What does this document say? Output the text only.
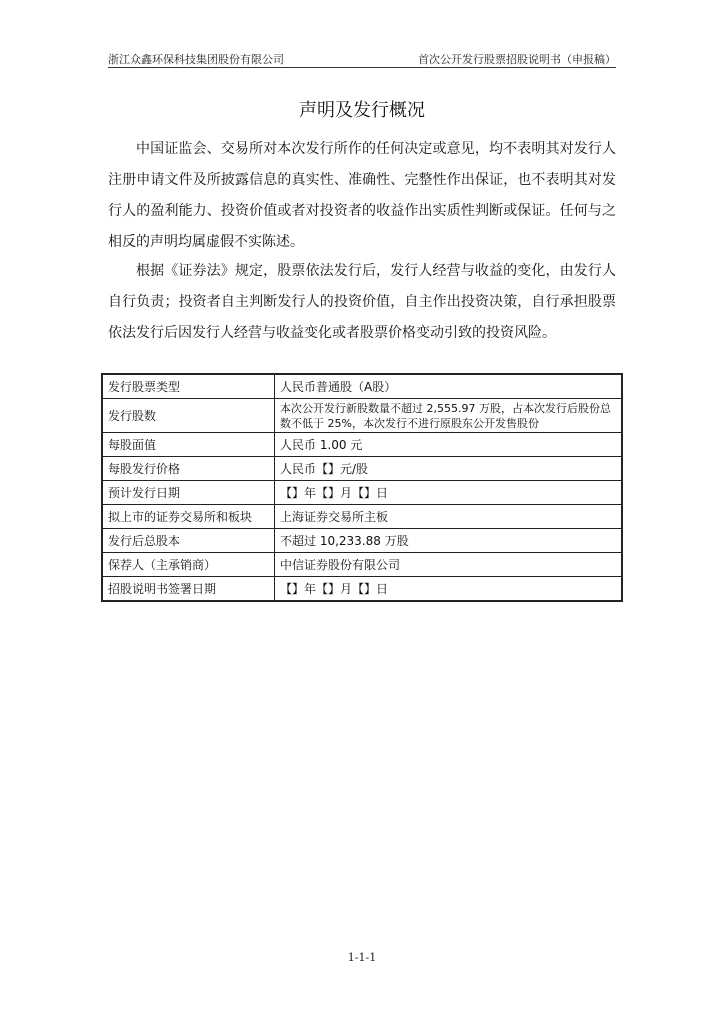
浙江众鑫环保科技集团股份有限公司	首次公开发行股票招股说明书（申报稿）
声明及发行概况

中国证监会、交易所对本次发行所作的任何决定或意见，均不表明其对发行人注册申请文件及所披露信息的真实性、准确性、完整性作出保证，也不表明其对发行人的盈利能力、投资价值或者对投资者的收益作出实质性判断或保证。任何与之相反的声明均属虚假不实陈述。

根据《证券法》规定，股票依法发行后，发行人经营与收益的变化，由发行人自行负责；投资者自主判断发行人的投资价值，自主作出投资决策，自行承担股票依法发行后因发行人经营与收益变化或者股票价格变动引致的投资风险。

发行股票类型	人民币普通股（A股）
发行股数	本次公开发行新股数量不超过 2,555.97 万股，占本次发行后股份总数不低于 25%，本次发行不进行原股东公开发售股份
每股面值	人民币 1.00 元
每股发行价格	人民币【】元/股
预计发行日期	【】年【】月【】日
拟上市的证券交易所和板块	上海证券交易所主板
发行后总股本	不超过 10,233.88 万股
保荐人（主承销商）	中信证券股份有限公司
招股说明书签署日期	【】年【】月【】日
1-1-1
